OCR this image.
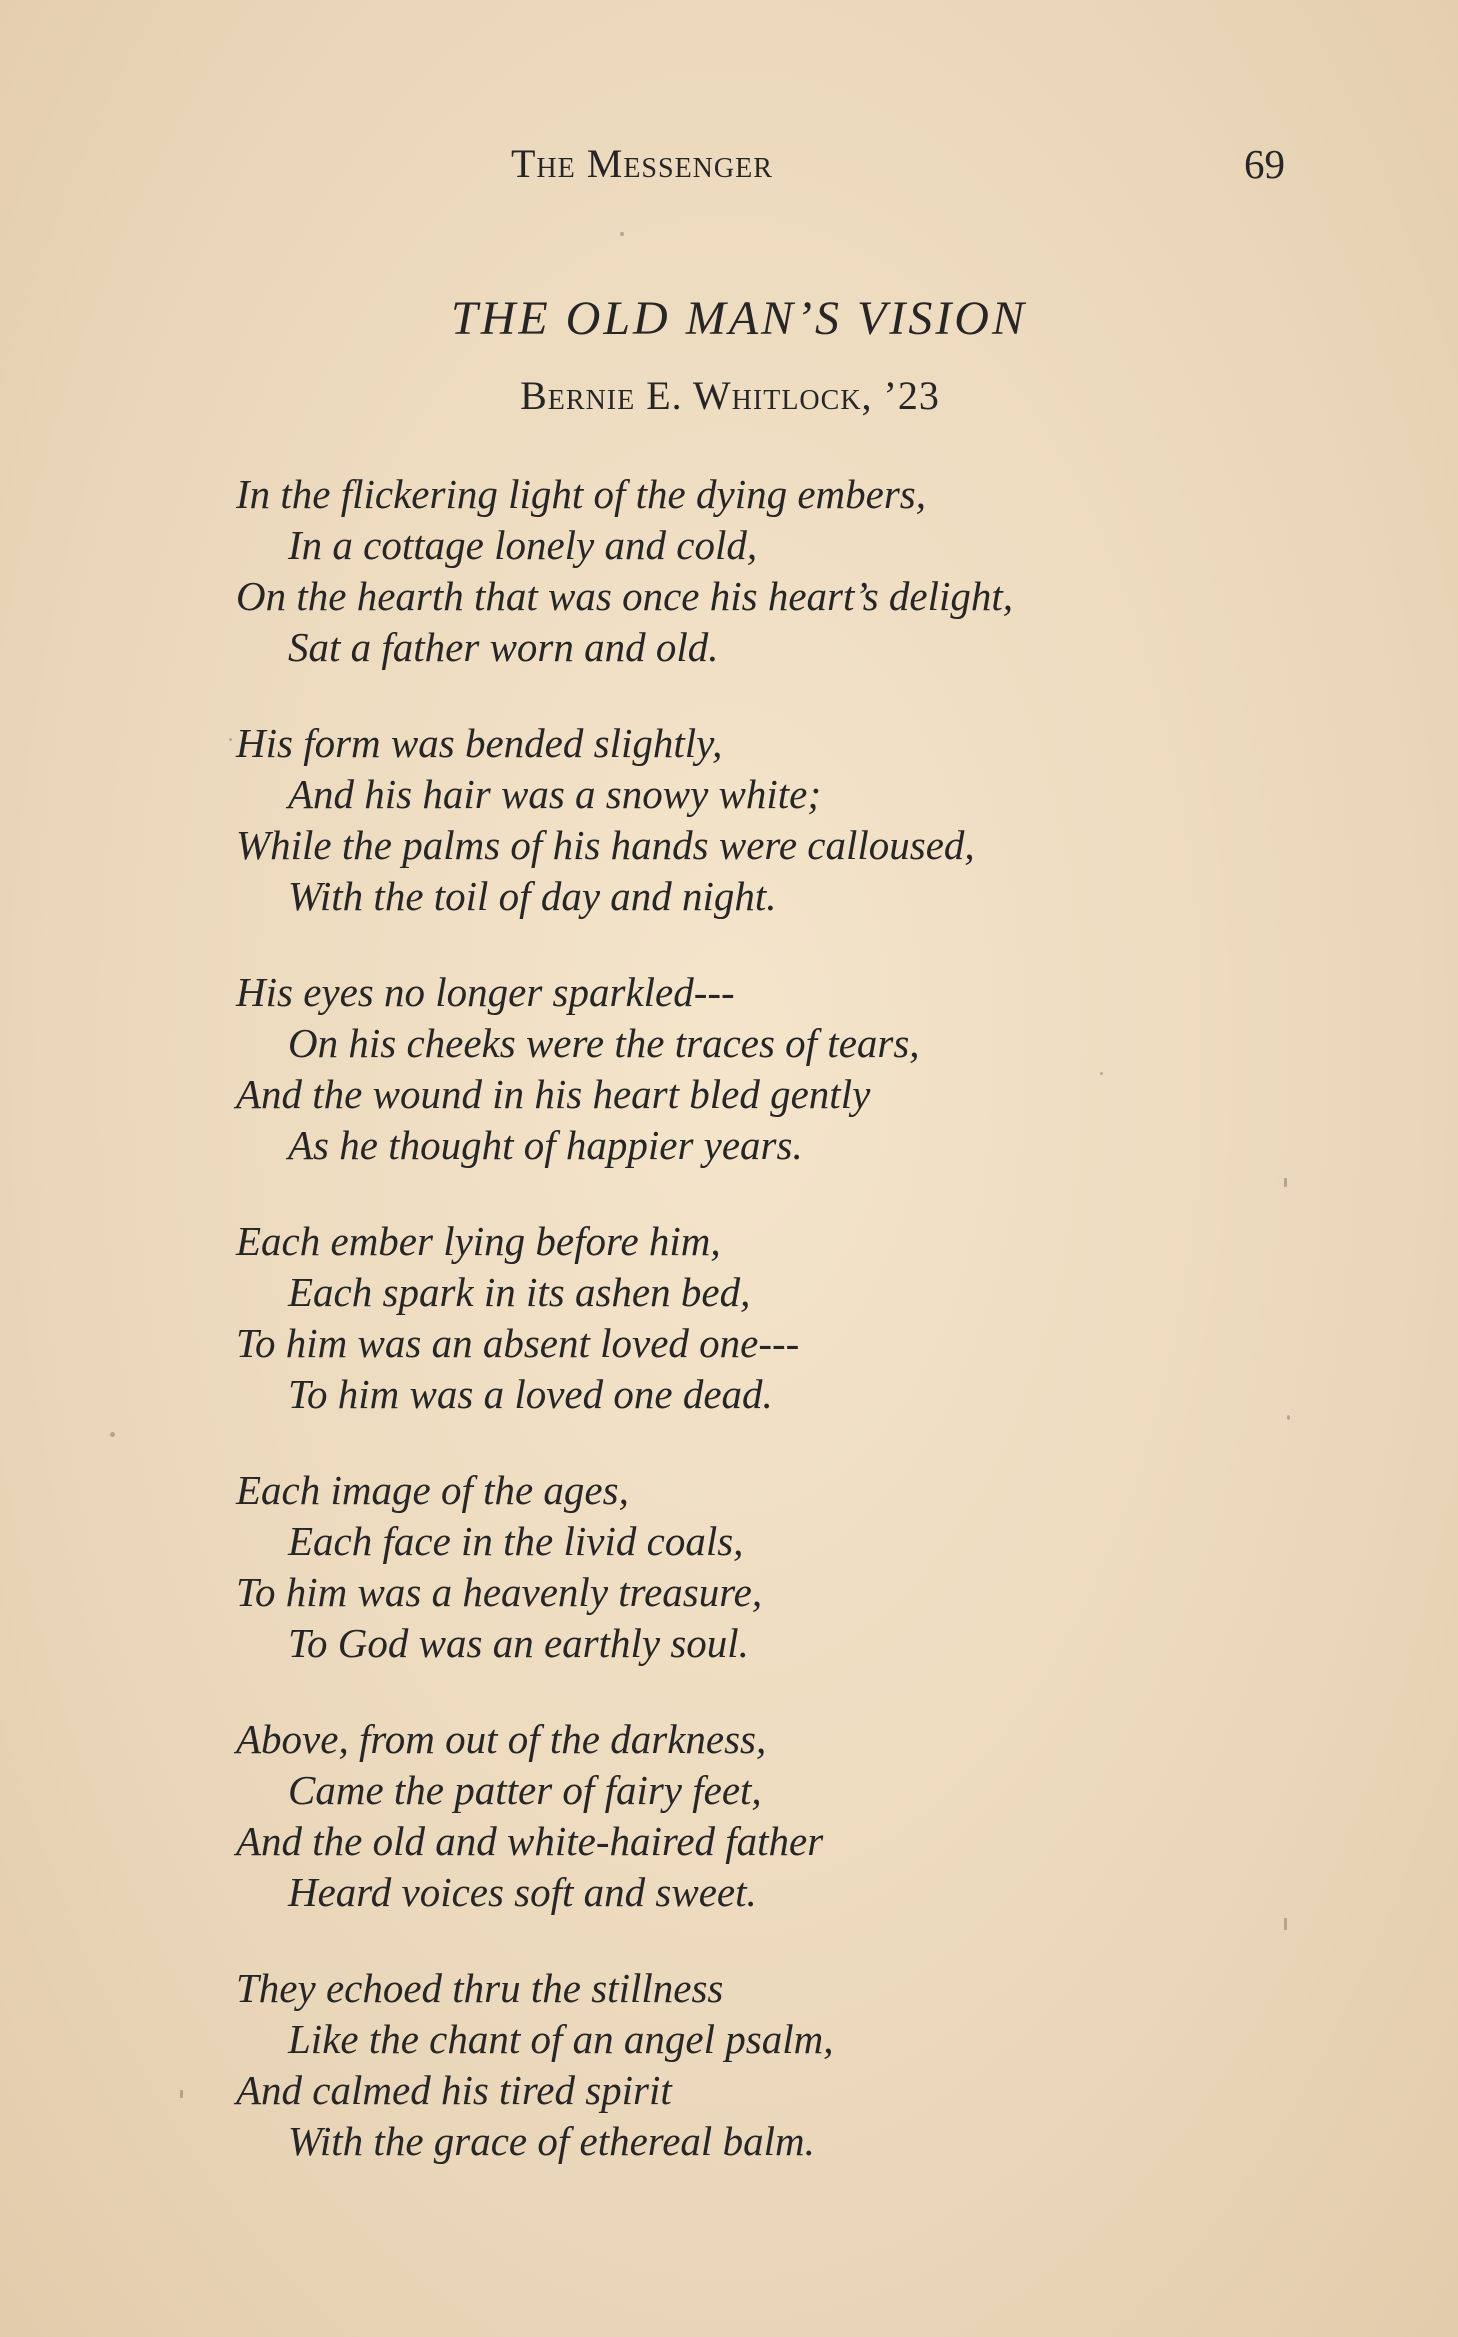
The Messenger	69
THE OLD MAN’S VISION
Bernie E. Whitlock, ’23
In the flickering light of the dying embers,
In a cottage lonely and cold,
On the hearth that was once his heart’s delight,
Sat a father worn and old.
His form was bended slightly,
And his hair was a snowy white;
While the palms of his hands were calloused,
With the toil of day and night.
His eyes no longer sparkled---
On his cheeks were the traces of tears,
And the wound in his heart bled gently
As he thought of happier years.
Each ember lying before him,
Each spark in its ashen bed,
To him was an absent loved one---
To him was a loved one dead.
Each image of the ages,
Each face in the livid coals,
To him was a heavenly treasure,
To God was an earthly soul.
Above, from out of the darkness,
Came the patter of fairy feet,
And the old and white-haired father
Heard voices soft and sweet.
They echoed thru the stillness
Like the chant of an angel psalm,
And calmed his tired spirit
With the grace of ethereal balm.
